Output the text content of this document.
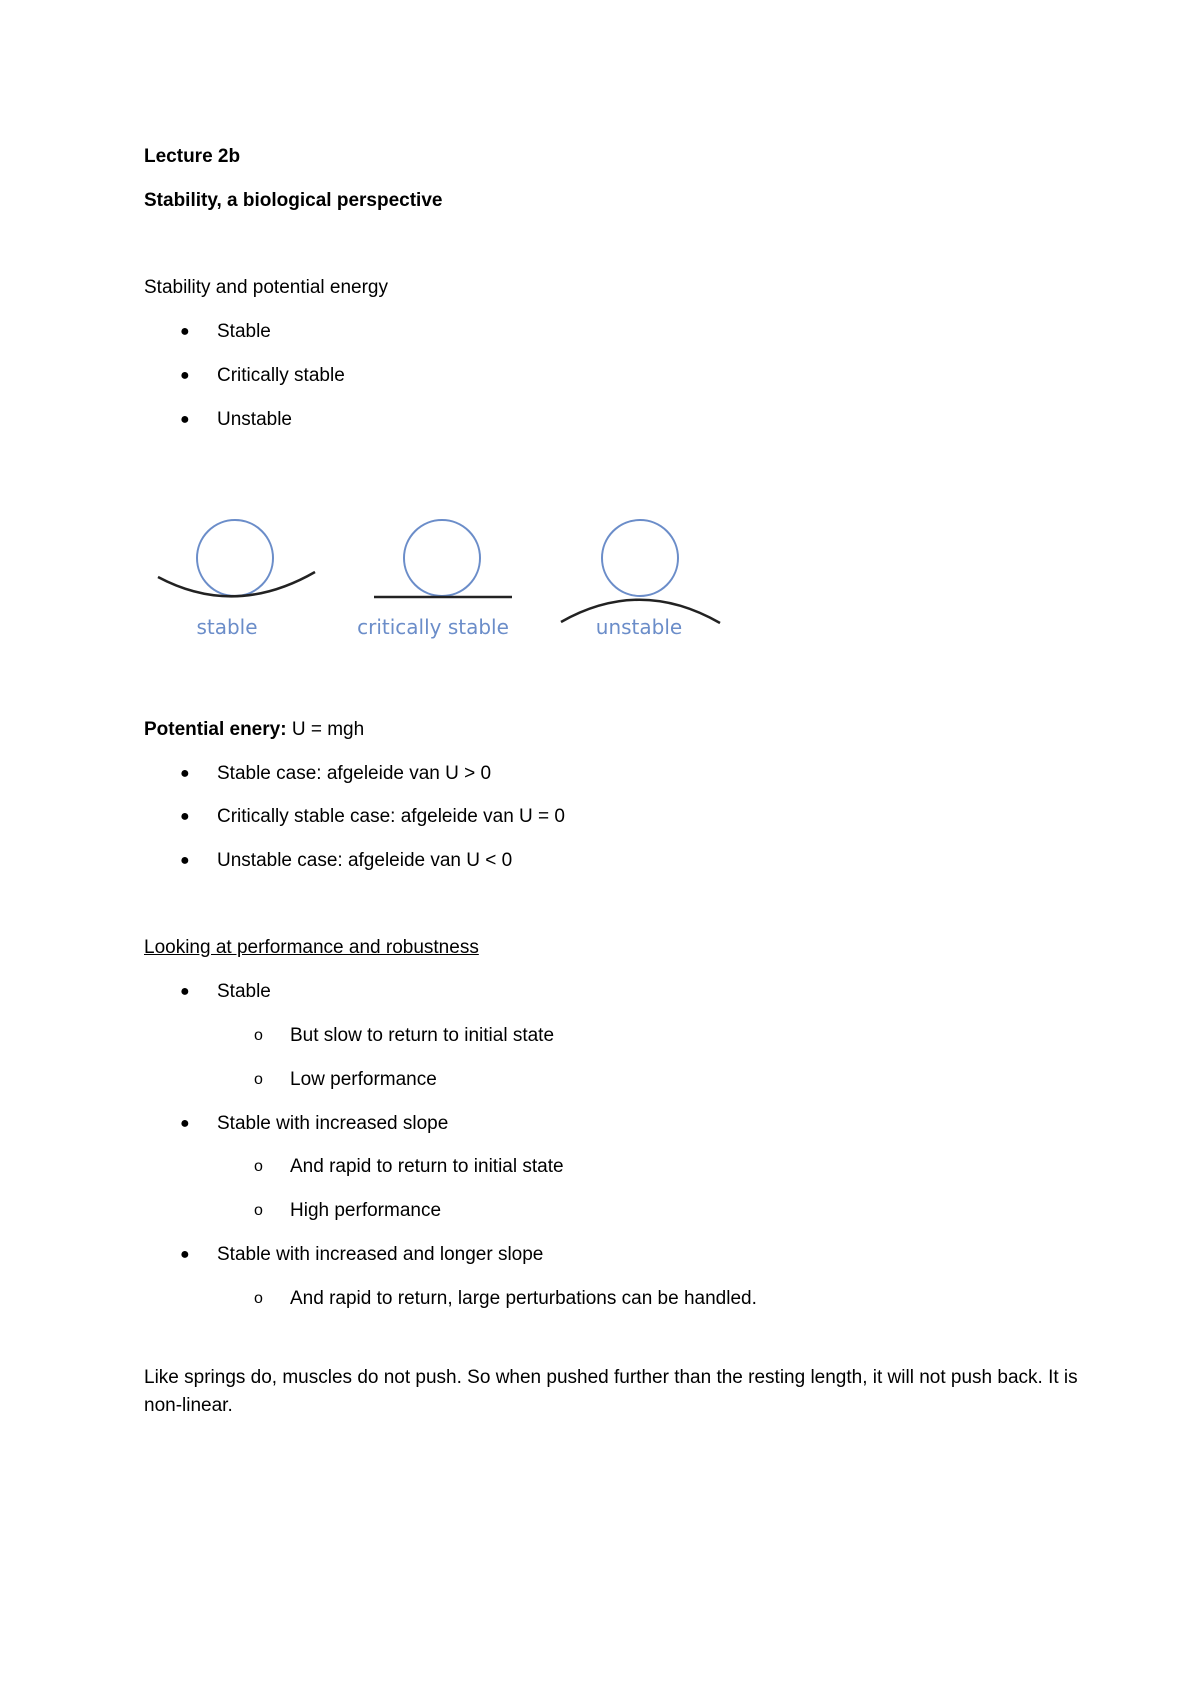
Lecture 2b
Stability, a biological perspective
Stability and potential energy
● Stable
● Critically stable
● Unstable
stable	critically stable	unstable
Potential enery: U = mgh
● Stable case: afgeleide van U > 0
● Critically stable case: afgeleide van U = 0
● Unstable case: afgeleide van U < 0
Looking at performance and robustness
● Stable
o But slow to return to initial state
o Low performance
● Stable with increased slope
o And rapid to return to initial state
o High performance
● Stable with increased and longer slope
o And rapid to return, large perturbations can be handled.
Like springs do, muscles do not push. So when pushed further than the resting length, it will not push back. It is non-linear.
